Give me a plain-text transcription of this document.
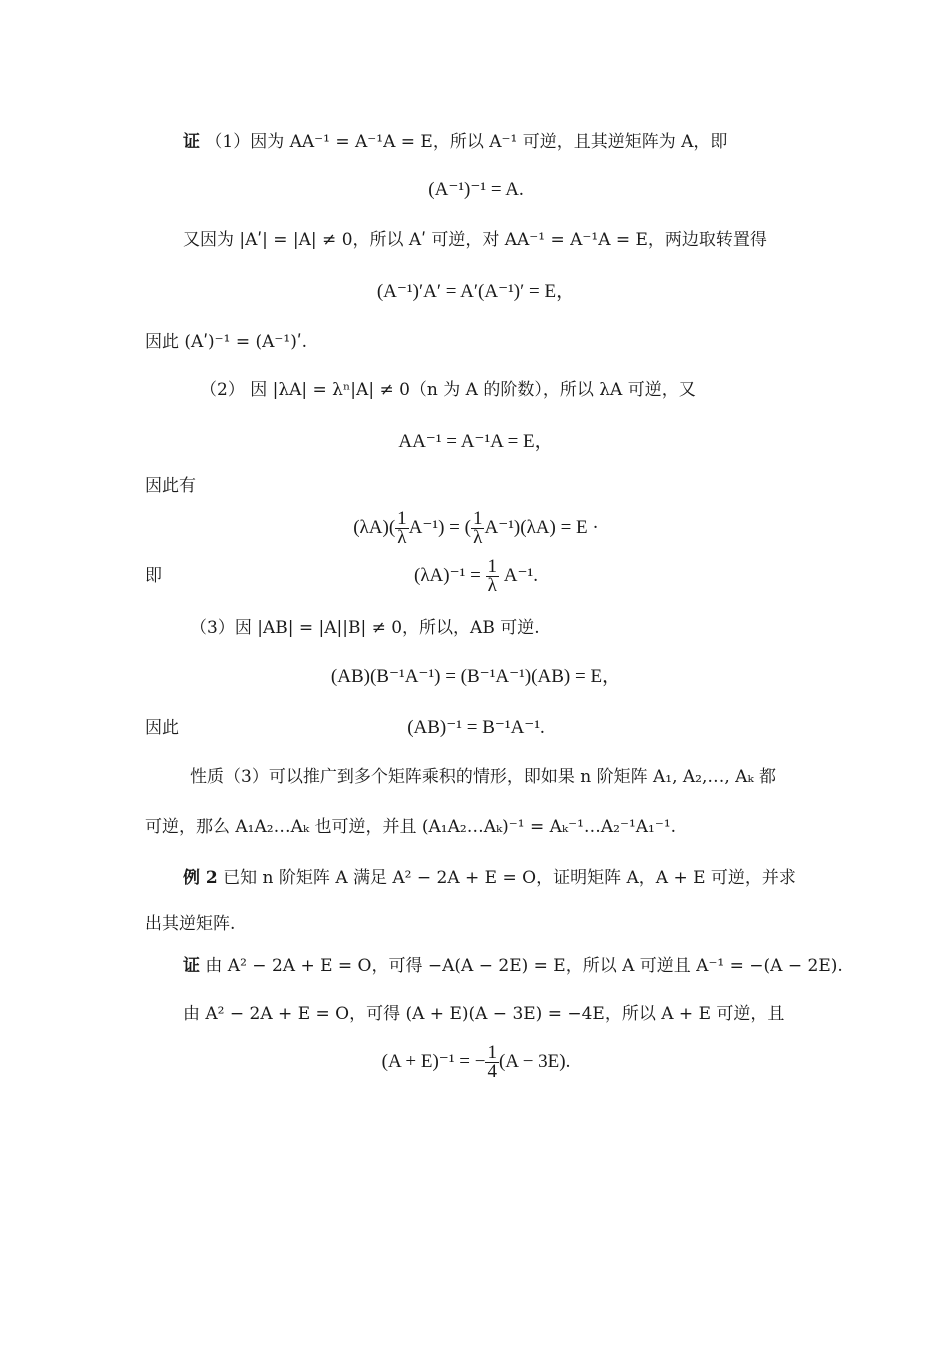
证 （1）因为 AA⁻¹ = A⁻¹A = E，所以 A⁻¹ 可逆，且其逆矩阵为 A，即
(A⁻¹)⁻¹ = A.
又因为 |Aʹ| = |A| ≠ 0，所以 Aʹ 可逆，对 AA⁻¹ = A⁻¹A = E，两边取转置得
(A⁻¹)ʹAʹ = Aʹ(A⁻¹)ʹ = E，
因此 (Aʹ)⁻¹ = (A⁻¹)ʹ.
（2） 因 |λA| = λⁿ|A| ≠ 0（n 为 A 的阶数），所以 λA 可逆，又
AA⁻¹ = A⁻¹A = E，
因此有
$(\lambda A)( \frac{1}{\lambda} A^{-1})$ = ( $\frac{1}{\lambda} A^{-1})(\lambda A) = E$ ·
即	$(\lambda A)^{-1} = \frac{1}{\lambda} A^{-1}$.
（3）因 |AB| = |A||B| ≠ 0，所以，AB 可逆.
(AB)(B⁻¹A⁻¹) = (B⁻¹A⁻¹)(AB) = E，
因此	(AB)⁻¹ = B⁻¹A⁻¹.
性质（3）可以推广到多个矩阵乘积的情形，即如果 n 阶矩阵 A₁, A₂,…, Aₖ 都
可逆，那么 A₁A₂…Aₖ 也可逆，并且 (A₁A₂…Aₖ)⁻¹ = Aₖ⁻¹…A₂⁻¹A₁⁻¹.
例 2 已知 n 阶矩阵 A 满足 A² − 2A + E = O，证明矩阵 A，A + E 可逆，并求
出其逆矩阵.
证 由 A² − 2A + E = O，可得 −A(A − 2E) = E，所以 A 可逆且 A⁻¹ = −(A − 2E).
由 A² − 2A + E = O，可得 (A + E)(A − 3E) = −4E，所以 A + E 可逆，且
(A + E)⁻¹ = − $\frac{1}{4} (A - 3E)$.
